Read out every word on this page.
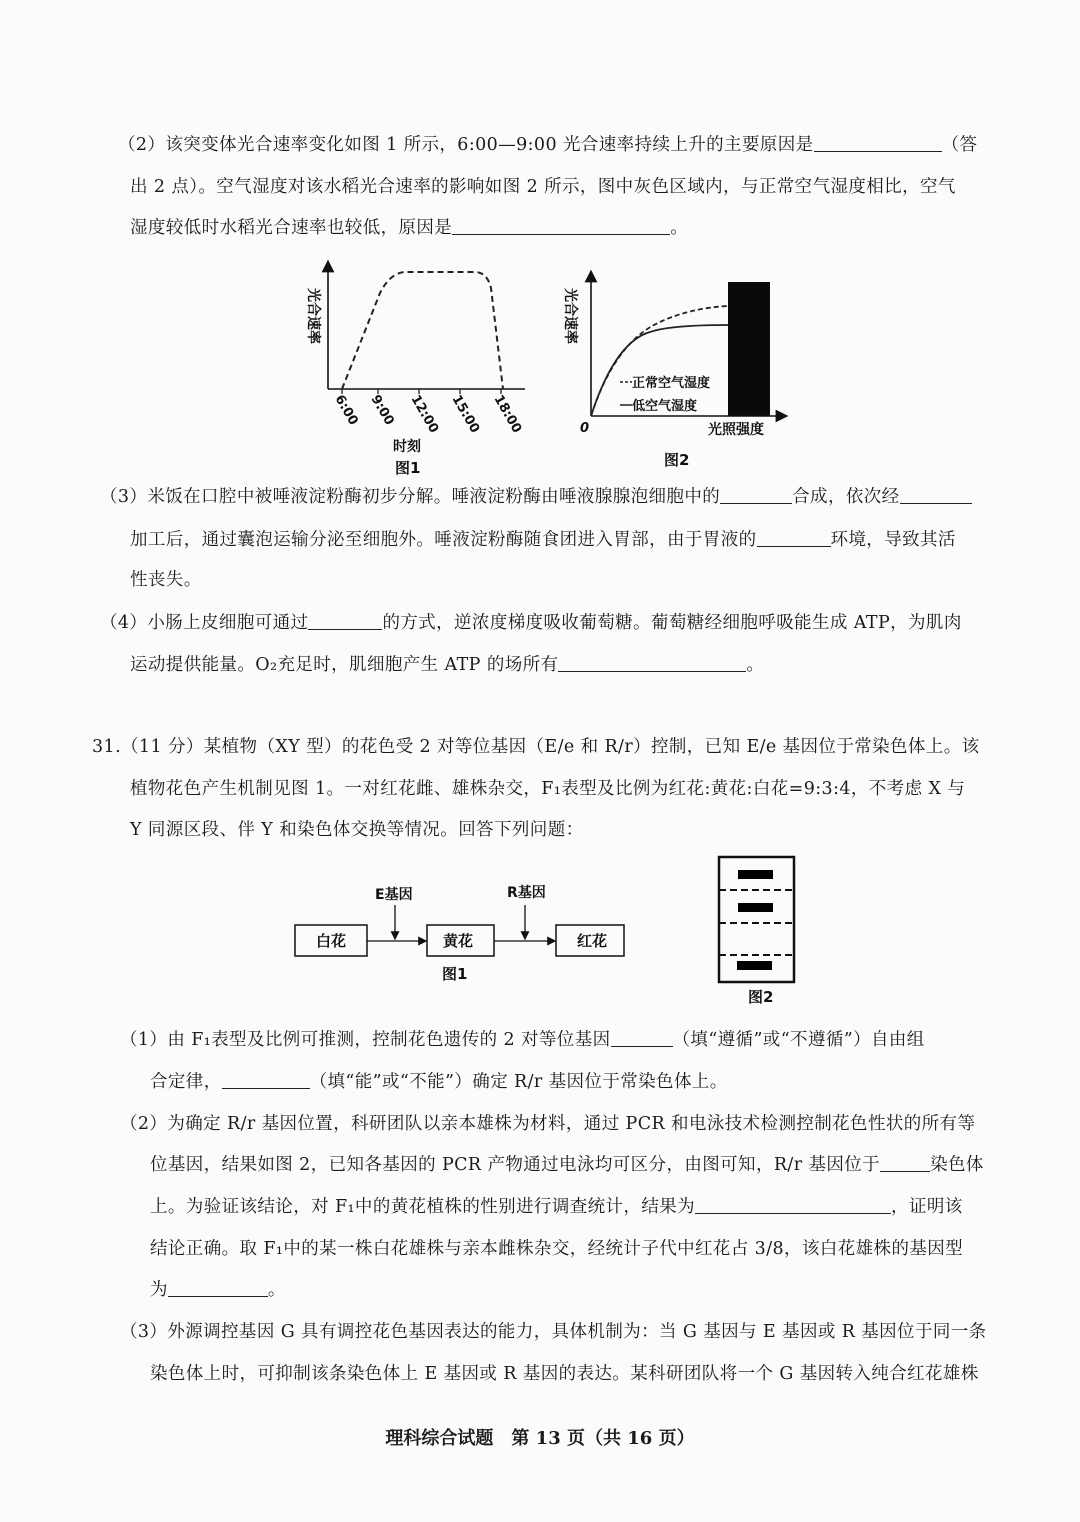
（2）该突变体光合速率变化如图 1 所示，6:00—9:00 光合速率持续上升的主要原因是	（答
出 2 点）。空气湿度对该水稻光合速率的影响如图 2 所示，图中灰色区域内，与正常空气湿度相比，空气
湿度较低时水稻光合速率也较低，原因是	。
6:00 9:00 12:00 15:00 18:00
光合速率
时刻
图1
正常空气湿度
低空气湿度
0	光照强度
光合速率
图2
（3）米饭在口腔中被唾液淀粉酶初步分解。唾液淀粉酶由唾液腺腺泡细胞中的	合成，依次经
加工后，通过囊泡运输分泌至细胞外。唾液淀粉酶随食团进入胃部，由于胃液的	环境，导致其活
性丧失。
（4）小肠上皮细胞可通过	的方式，逆浓度梯度吸收葡萄糖。葡萄糖经细胞呼吸能生成 ATP，为肌肉
运动提供能量。O₂充足时，肌细胞产生 ATP 的场所有	。
31.（11 分）某植物（XY 型）的花色受 2 对等位基因（E/e 和 R/r）控制，已知 E/e 基因位于常染色体上。该
植物花色产生机制见图 1。一对红花雌、雄株杂交，F₁表型及比例为红花:黄花:白花=9:3:4，不考虑 X 与
Y 同源区段、伴 Y 和染色体交换等情况。回答下列问题：
白花	黄花	红花
E基因	R基因
图1
图2
（1）由 F₁表型及比例可推测，控制花色遗传的 2 对等位基因	（填“遵循”或“不遵循”）自由组
合定律，	（填“能”或“不能”）确定 R/r 基因位于常染色体上。
（2）为确定 R/r 基因位置，科研团队以亲本雄株为材料，通过 PCR 和电泳技术检测控制花色性状的所有等
位基因，结果如图 2，已知各基因的 PCR 产物通过电泳均可区分，由图可知，R/r 基因位于	染色体
上。为验证该结论，对 F₁中的黄花植株的性别进行调查统计，结果为	，证明该
结论正确。取 F₁中的某一株白花雄株与亲本雌株杂交，经统计子代中红花占 3/8，该白花雄株的基因型
为	。
（3）外源调控基因 G 具有调控花色基因表达的能力，具体机制为：当 G 基因与 E 基因或 R 基因位于同一条
染色体上时，可抑制该条染色体上 E 基因或 R 基因的表达。某科研团队将一个 G 基因转入纯合红花雄株
理科综合试题　第 13 页（共 16 页）
